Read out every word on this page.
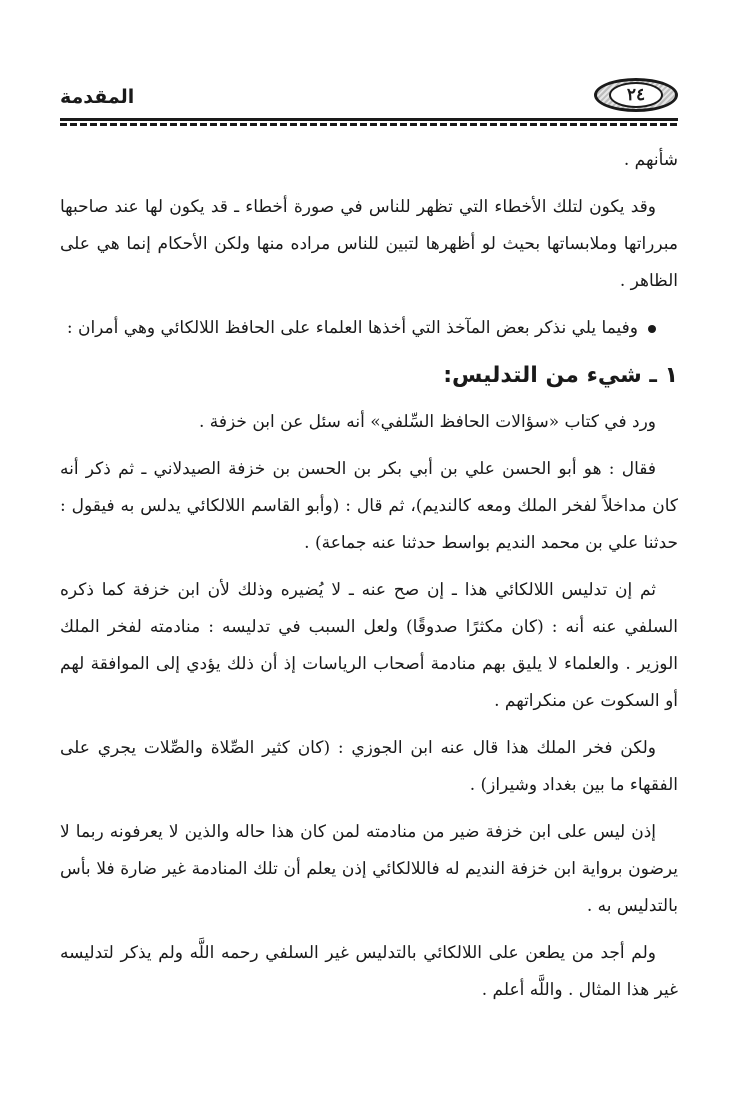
٢٤
المقدمة

شأنهم .

وقد يكون لتلك الأخطاء التي تظهر للناس في صورة أخطاء ـ قد يكون لها عند صاحبها مبرراتها وملابساتها بحيث لو أظهرها لتبين للناس مراده منها ولكن الأحكام إنما هي على الظاهر .

وفيما يلي نذكر بعض المآخذ التي أخذها العلماء على الحافظ اللالكائي وهي أمران :

١ ـ شيء من التدليس:

ورد في كتاب «سؤالات الحافظ السِّلفي» أنه سئل عن ابن خزفة .

فقال : هو أبو الحسن علي بن أبي بكر بن الحسن بن خزفة الصيدلاني ـ ثم ذكر أنه كان مداخلاً لفخر الملك ومعه كالنديم)، ثم قال : (وأبو القاسم اللالكائي يدلس به فيقول : حدثنا علي بن محمد النديم بواسط حدثنا عنه جماعة) .

ثم إن تدليس اللالكائي هذا ـ إن صح عنه ـ لا يُضيره وذلك لأن ابن خزفة كما ذكره السلفي عنه أنه : (كان مكثرًا صدوقًا) ولعل السبب في تدليسه : منادمته لفخر الملك الوزير . والعلماء لا يليق بهم منادمة أصحاب الرياسات إذ أن ذلك يؤدي إلى الموافقة لهم أو السكوت عن منكراتهم .

ولكن فخر الملك هذا قال عنه ابن الجوزي : (كان كثير الصِّلاة والصِّلات يجري على الفقهاء ما بين بغداد وشيراز) .

إذن ليس على ابن خزفة ضير من منادمته لمن كان هذا حاله والذين لا يعرفونه ربما لا يرضون برواية ابن خزفة النديم له فاللالكائي إذن يعلم أن تلك المنادمة غير ضارة فلا بأس بالتدليس به .

ولم أجد من يطعن على اللالكائي بالتدليس غير السلفي رحمه اللَّه ولم يذكر لتدليسه غير هذا المثال . واللَّه أعلم .
